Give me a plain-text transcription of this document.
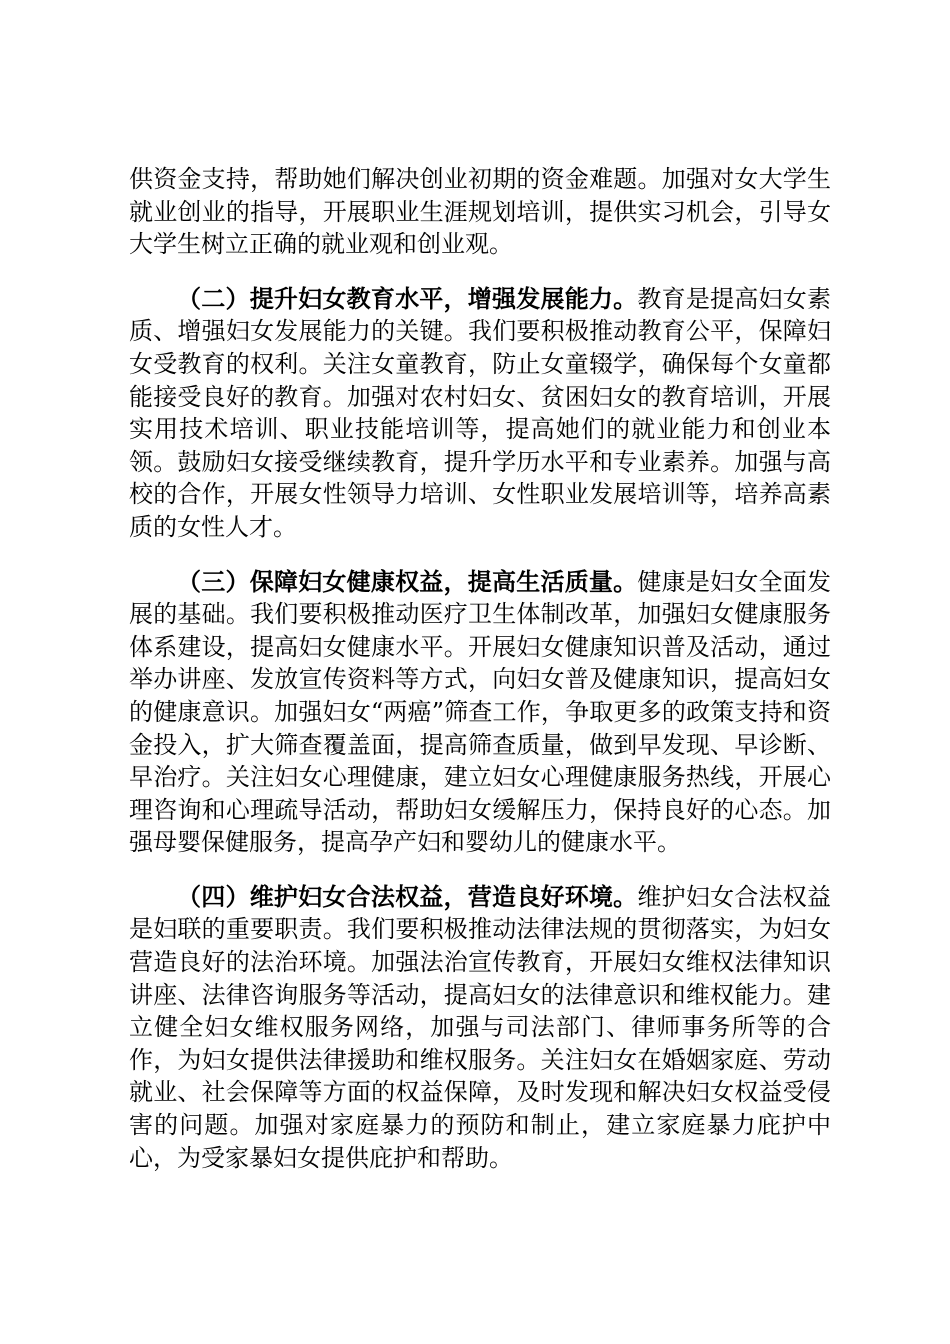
供资金支持，帮助她们解决创业初期的资金难题。加强对女大学生就业创业的指导，开展职业生涯规划培训，提供实习机会，引导女大学生树立正确的就业观和创业观。

（二）提升妇女教育水平，增强发展能力。教育是提高妇女素质、增强妇女发展能力的关键。我们要积极推动教育公平，保障妇女受教育的权利。关注女童教育，防止女童辍学，确保每个女童都能接受良好的教育。加强对农村妇女、贫困妇女的教育培训，开展实用技术培训、职业技能培训等，提高她们的就业能力和创业本领。鼓励妇女接受继续教育，提升学历水平和专业素养。加强与高校的合作，开展女性领导力培训、女性职业发展培训等，培养高素质的女性人才。

（三）保障妇女健康权益，提高生活质量。健康是妇女全面发展的基础。我们要积极推动医疗卫生体制改革，加强妇女健康服务体系建设，提高妇女健康水平。开展妇女健康知识普及活动，通过举办讲座、发放宣传资料等方式，向妇女普及健康知识，提高妇女的健康意识。加强妇女“两癌”筛查工作，争取更多的政策支持和资金投入，扩大筛查覆盖面，提高筛查质量，做到早发现、早诊断、早治疗。关注妇女心理健康，建立妇女心理健康服务热线，开展心理咨询和心理疏导活动，帮助妇女缓解压力，保持良好的心态。加强母婴保健服务，提高孕产妇和婴幼儿的健康水平。

（四）维护妇女合法权益，营造良好环境。维护妇女合法权益是妇联的重要职责。我们要积极推动法律法规的贯彻落实，为妇女营造良好的法治环境。加强法治宣传教育，开展妇女维权法律知识讲座、法律咨询服务等活动，提高妇女的法律意识和维权能力。建立健全妇女维权服务网络，加强与司法部门、律师事务所等的合作，为妇女提供法律援助和维权服务。关注妇女在婚姻家庭、劳动就业、社会保障等方面的权益保障，及时发现和解决妇女权益受侵害的问题。加强对家庭暴力的预防和制止，建立家庭暴力庇护中心，为受家暴妇女提供庇护和帮助。
